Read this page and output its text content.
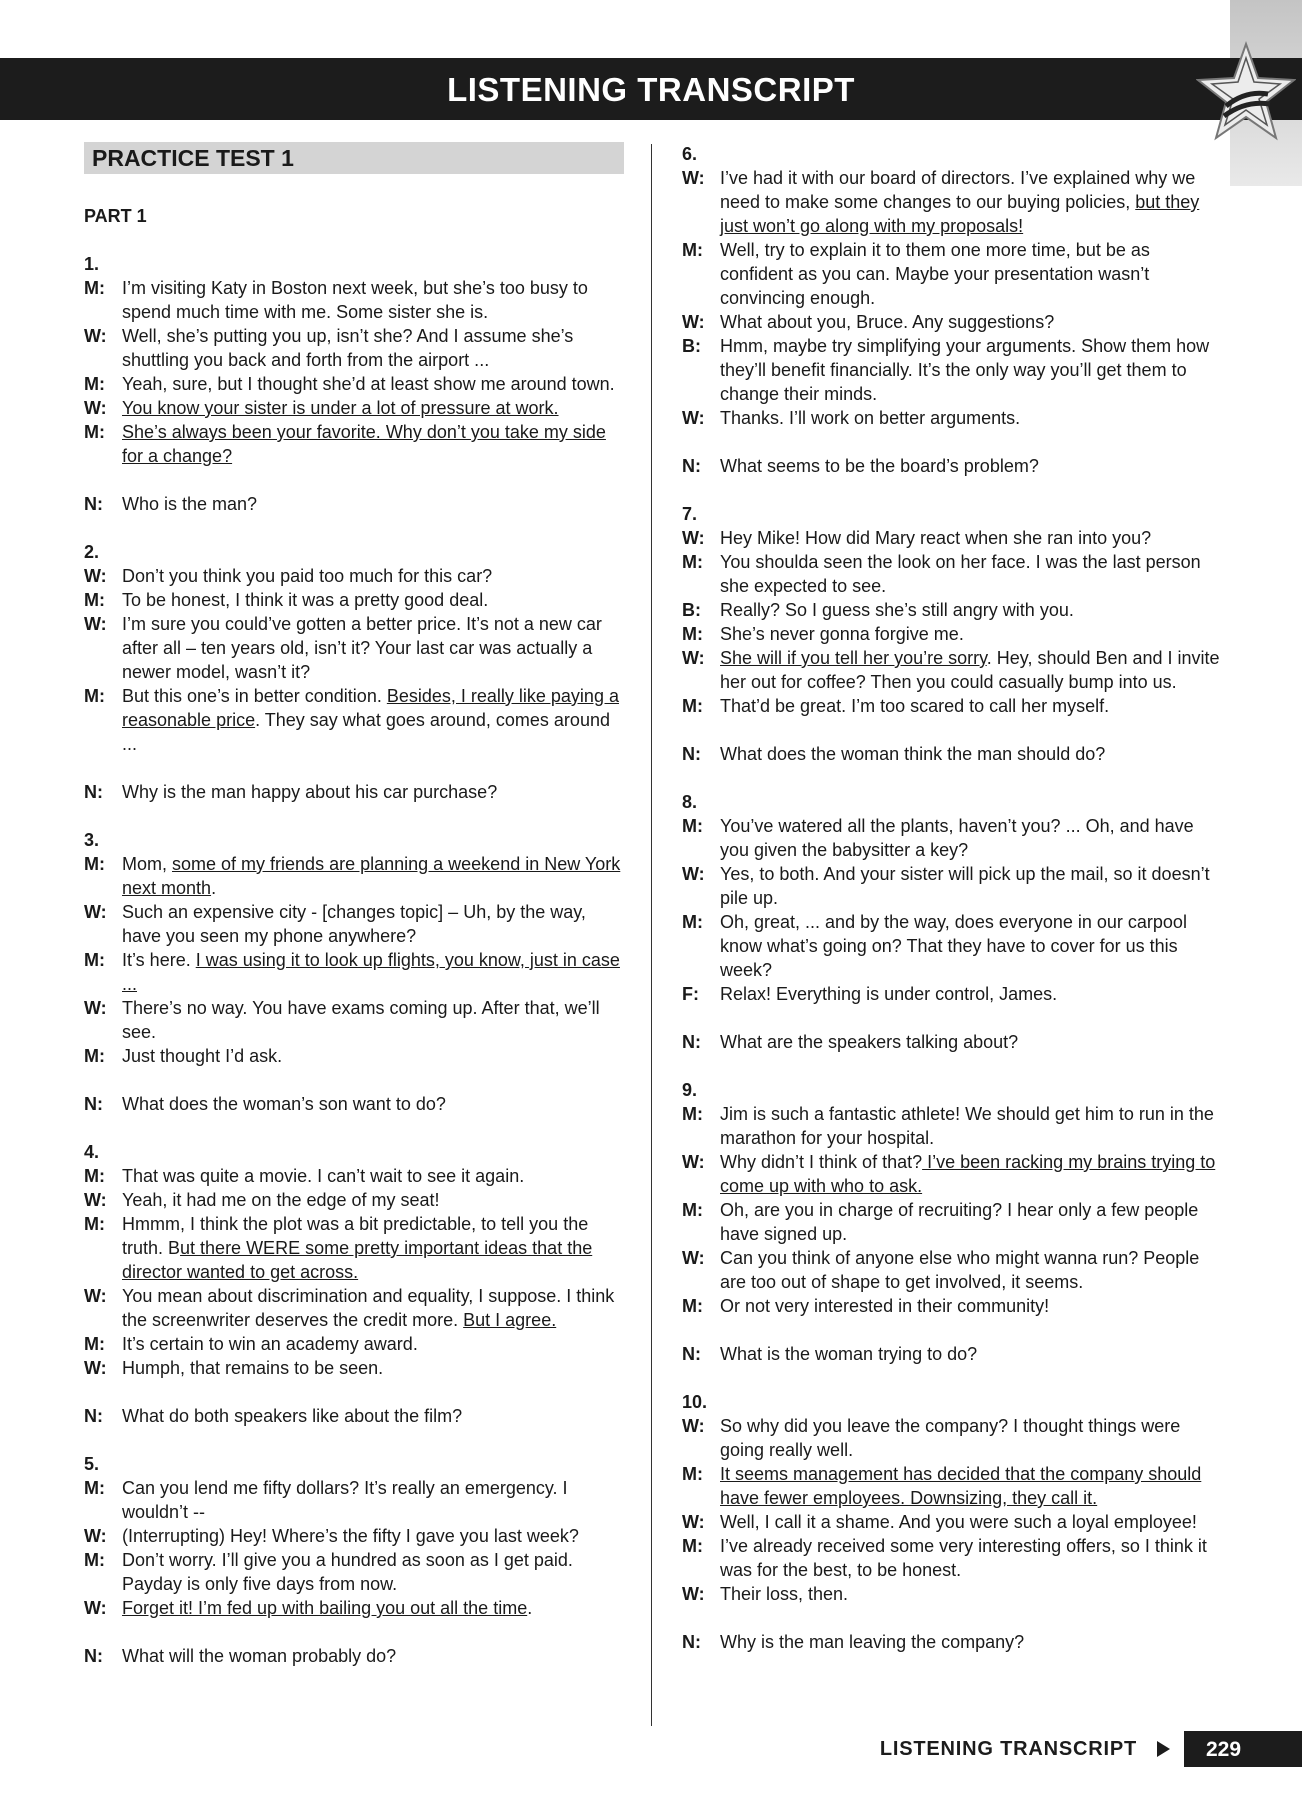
LISTENING TRANSCRIPT
PRACTICE TEST 1
PART 1
1.
M: I’m visiting Katy in Boston next week, but she’s too busy to spend much time with me. Some sister she is.
W: Well, she’s putting you up, isn’t she? And I assume she’s shuttling you back and forth from the airport ...
M: Yeah, sure, but I thought she’d at least show me around town.
W: You know your sister is under a lot of pressure at work.
M: She’s always been your favorite. Why don’t you take my side for a change?
N:	Who is the man?
2.
W: Don’t you think you paid too much for this car?
M: To be honest, I think it was a pretty good deal.
W: I’m sure you could’ve gotten a better price. It’s not a new car after all – ten years old, isn’t it? Your last car was actually a newer model, wasn’t it?
M: But this one’s in better condition. Besides, I really like paying a reasonable price. They say what goes around, comes around ...
N:	Why is the man happy about his car purchase?
3.
M: Mom, some of my friends are planning a weekend in New York next month.
W: Such an expensive city - [changes topic] – Uh, by the way, have you seen my phone anywhere?
M: It’s here. I was using it to look up flights, you know, just in case ...
W: There’s no way. You have exams coming up. After that, we’ll see.
M: Just thought I’d ask.
N:	What does the woman’s son want to do?
4.
M: That was quite a movie. I can’t wait to see it again.
W: Yeah, it had me on the edge of my seat!
M: Hmmm, I think the plot was a bit predictable, to tell you the truth. But there WERE some pretty important ideas that the director wanted to get across.
W: You mean about discrimination and equality, I suppose. I think the screenwriter deserves the credit more. But I agree.
M: It’s certain to win an academy award.
W: Humph, that remains to be seen.
N:	What do both speakers like about the film?
5.
M: Can you lend me fifty dollars? It’s really an emergency. I wouldn’t --
W: (Interrupting) Hey! Where’s the fifty I gave you last week?
M: Don’t worry. I’ll give you a hundred as soon as I get paid. Payday is only five days from now.
W: Forget it! I’m fed up with bailing you out all the time.
N:	What will the woman probably do?
6.
W: I’ve had it with our board of directors. I’ve explained why we need to make some changes to our buying policies, but they just won’t go along with my proposals!
M: Well, try to explain it to them one more time, but be as confident as you can. Maybe your presentation wasn’t convincing enough.
W: What about you, Bruce. Any suggestions?
B:	Hmm, maybe try simplifying your arguments. Show them how they’ll benefit financially. It’s the only way you’ll get them to change their minds.
W: Thanks. I’ll work on better arguments.
N:	What seems to be the board’s problem?
7.
W: Hey Mike! How did Mary react when she ran into you?
M: You shoulda seen the look on her face. I was the last person she expected to see.
B:	Really? So I guess she’s still angry with you.
M: She’s never gonna forgive me.
W: She will if you tell her you’re sorry. Hey, should Ben and I invite her out for coffee? Then you could casually bump into us.
M: That’d be great. I’m too scared to call her myself.
N:	What does the woman think the man should do?
8.
M: You’ve watered all the plants, haven’t you? ... Oh, and have you given the babysitter a key?
W: Yes, to both. And your sister will pick up the mail, so it doesn’t pile up.
M: Oh, great, ... and by the way, does everyone in our carpool know what’s going on? That they have to cover for us this week?
F:	Relax! Everything is under control, James.
N:	What are the speakers talking about?
9.
M: Jim is such a fantastic athlete! We should get him to run in the marathon for your hospital.
W: Why didn’t I think of that? I’ve been racking my brains trying to come up with who to ask.
M: Oh, are you in charge of recruiting? I hear only a few people have signed up.
W: Can you think of anyone else who might wanna run? People are too out of shape to get involved, it seems.
M: Or not very interested in their community!
N:	What is the woman trying to do?
10.
W: So why did you leave the company? I thought things were going really well.
M: It seems management has decided that the company should have fewer employees. Downsizing, they call it.
W: Well, I call it a shame. And you were such a loyal employee!
M: I’ve already received some very interesting offers, so I think it was for the best, to be honest.
W: Their loss, then.
N:	Why is the man leaving the company?
LISTENING TRANSCRIPT	229
